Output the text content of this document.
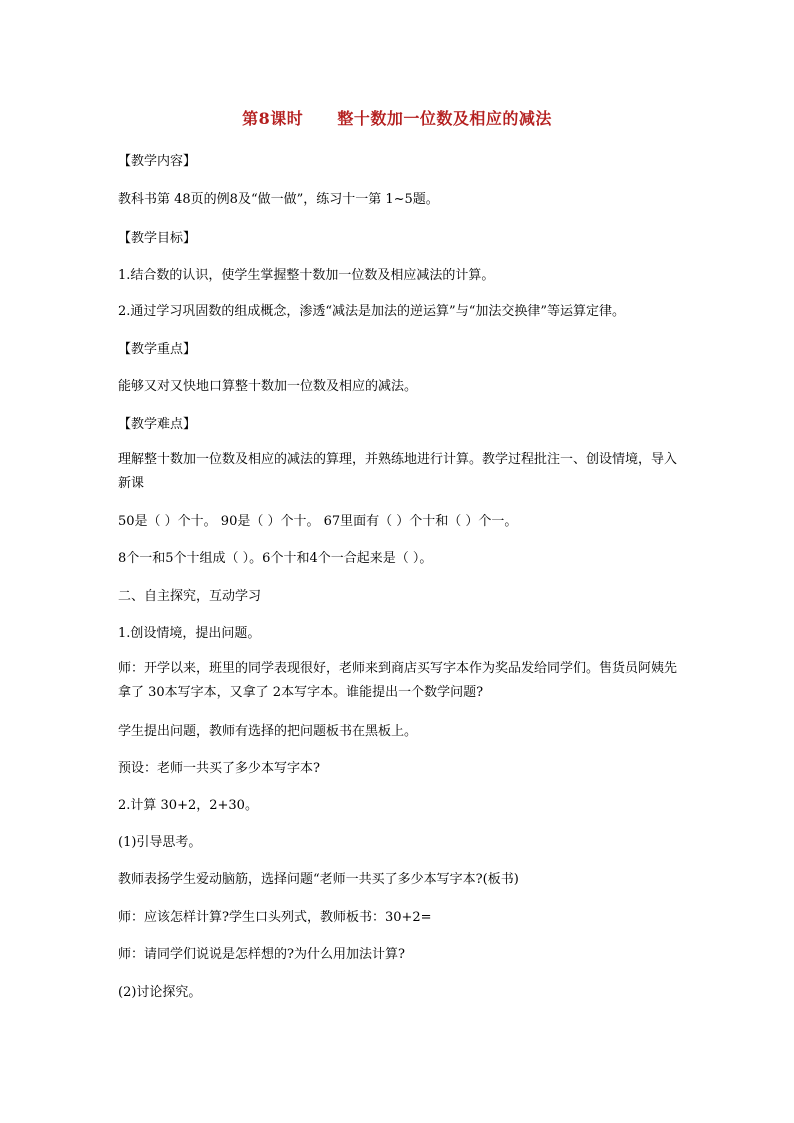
第8课时 整十数加一位数及相应的减法
【教学内容】
教科书第 48页的例8及“做一做”，练习十一第 1~5题。
【教学目标】
1.结合数的认识，使学生掌握整十数加一位数及相应减法的计算。
2.通过学习巩固数的组成概念，渗透“减法是加法的逆运算”与“加法交换律”等运算定律。
【教学重点】
能够又对又快地口算整十数加一位数及相应的减法。
【教学难点】
理解整十数加一位数及相应的减法的算理，并熟练地进行计算。教学过程批注一、创设情境，导入新课
50是（ ）个十。 90是（ ）个十。 67里面有（ ）个十和（ ）个一。
8个一和5个十组成（ ）。6个十和4个一合起来是（ ）。
二、自主探究，互动学习
1.创设情境，提出问题。
师：开学以来，班里的同学表现很好，老师来到商店买写字本作为奖品发给同学们。售货员阿姨先拿了 30本写字本，又拿了 2本写字本。谁能提出一个数学问题?
学生提出问题，教师有选择的把问题板书在黑板上。
预设：老师一共买了多少本写字本?
2.计算 30+2，2+30。
(1)引导思考。
教师表扬学生爱动脑筋，选择问题“老师一共买了多少本写字本?(板书)
师：应该怎样计算?学生口头列式，教师板书：30+2=
师：请同学们说说是怎样想的?为什么用加法计算?
(2)讨论探究。
